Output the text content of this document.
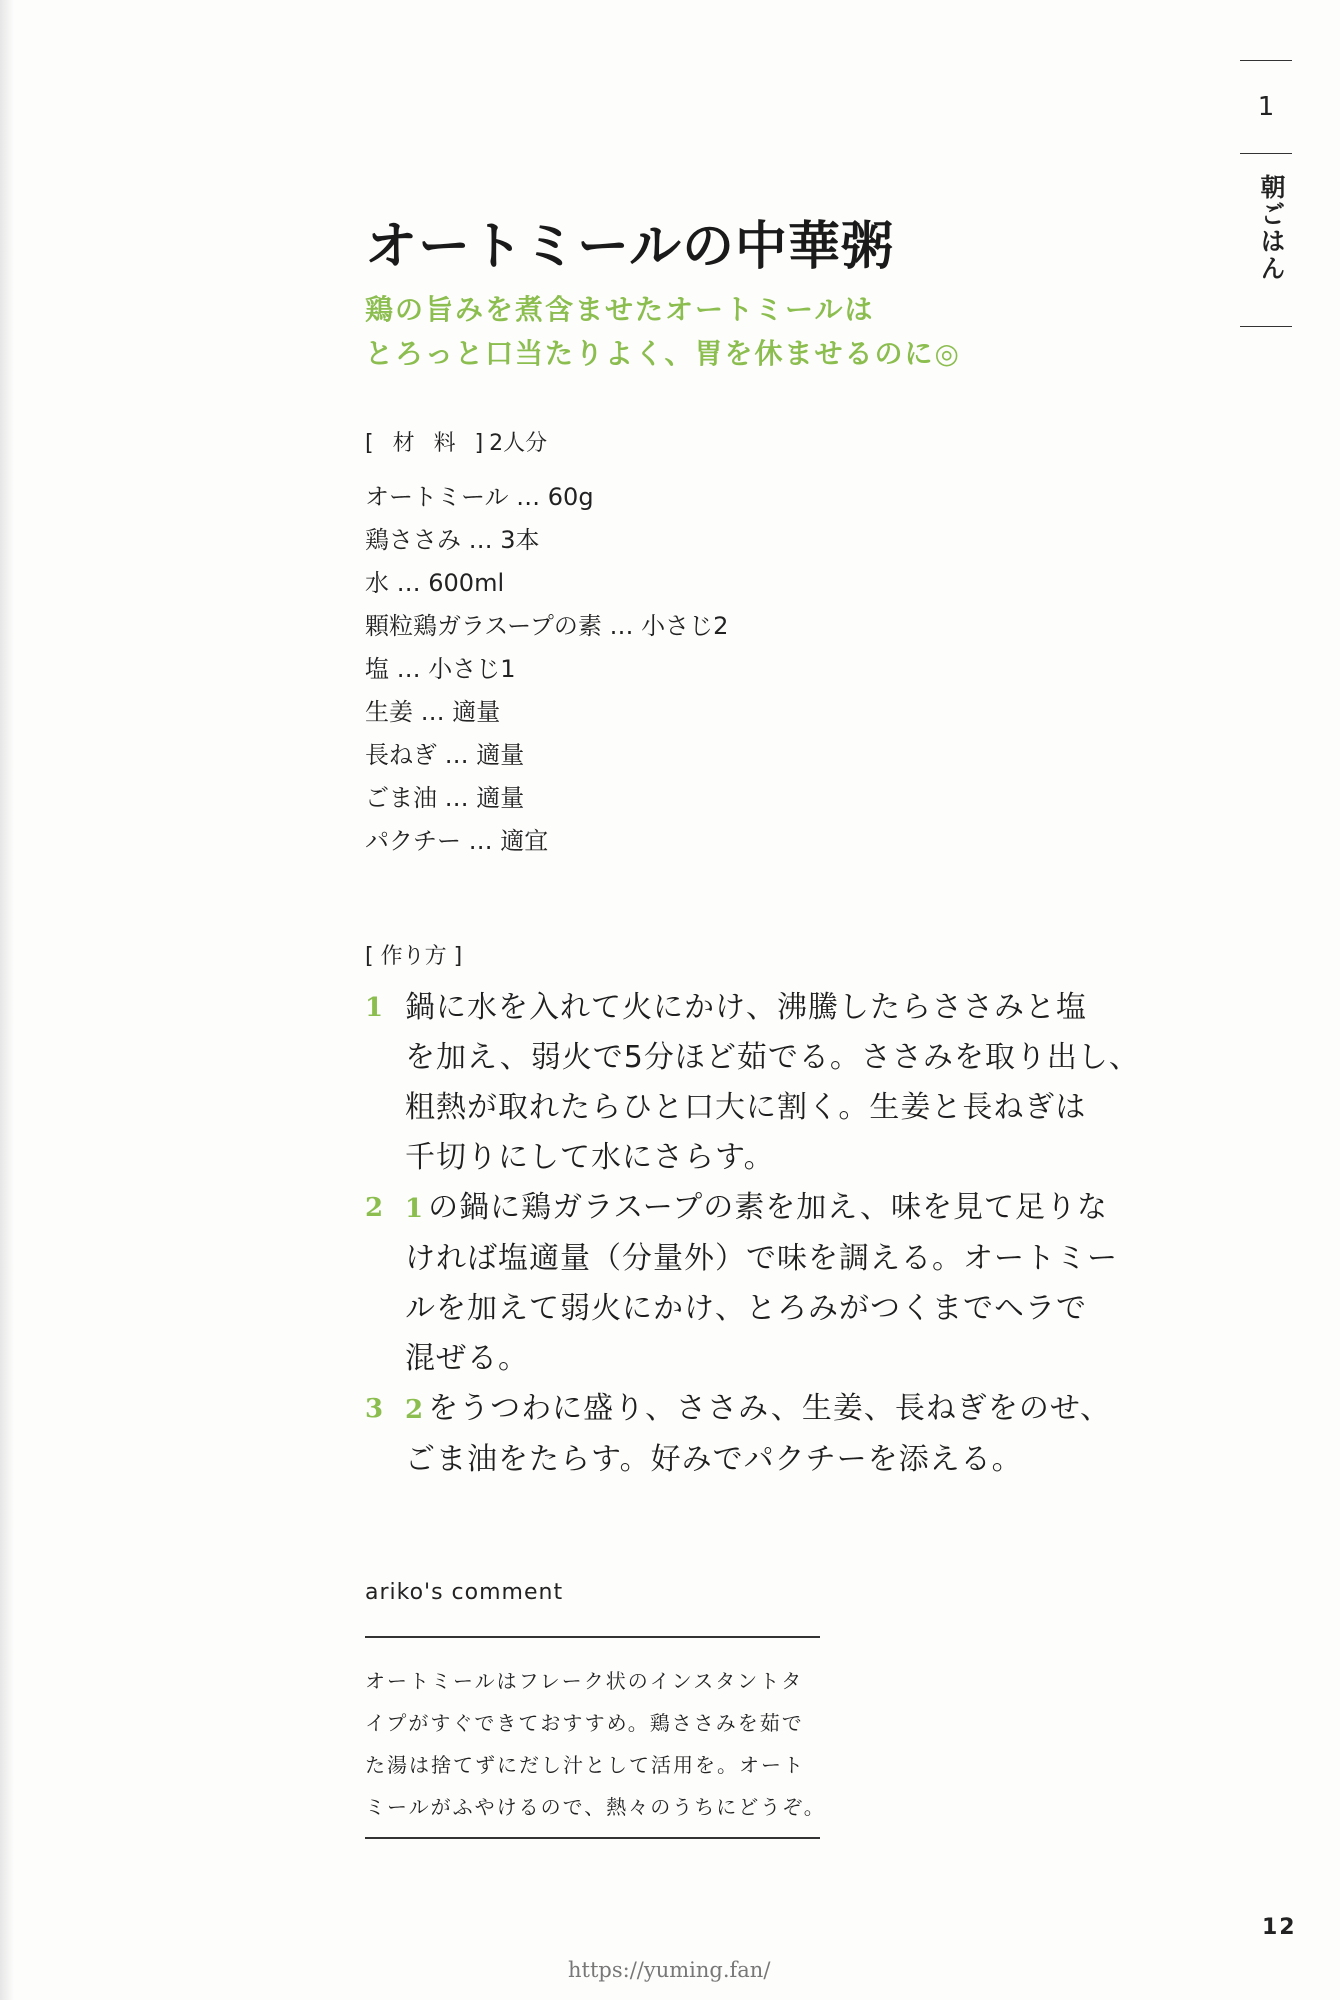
1
朝ごはん
オートミールの中華粥
鶏の旨みを煮含ませたオートミールは
とろっと口当たりよく、胃を休ませるのに◎
[ 材 料 ]2人分
オートミール … 60g
鶏ささみ … 3本
水 … 600ml
顆粒鶏ガラスープの素 … 小さじ2
塩 … 小さじ1
生姜 … 適量
長ねぎ … 適量
ごま油 … 適量
パクチー … 適宜
[ 作り方 ]
1 鍋に水を入れて火にかけ、沸騰したらささみと塩
を加え、弱火で5分ほど茹でる。ささみを取り出し、
粗熱が取れたらひと口大に割く。生姜と長ねぎは
千切りにして水にさらす。
2 1 の鍋に鶏ガラスープの素を加え、味を見て足りな
ければ塩適量（分量外）で味を調える。オートミー
ルを加えて弱火にかけ、とろみがつくまでヘラで
混ぜる。
3 2 をうつわに盛り、ささみ、生姜、長ねぎをのせ、
ごま油をたらす。好みでパクチーを添える。
ariko's comment
オートミールはフレーク状のインスタントタ
イプがすぐできておすすめ。鶏ささみを茹で
た湯は捨てずにだし汁として活用を。オート
ミールがふやけるので、熱々のうちにどうぞ。
12
https://yuming.fan/
